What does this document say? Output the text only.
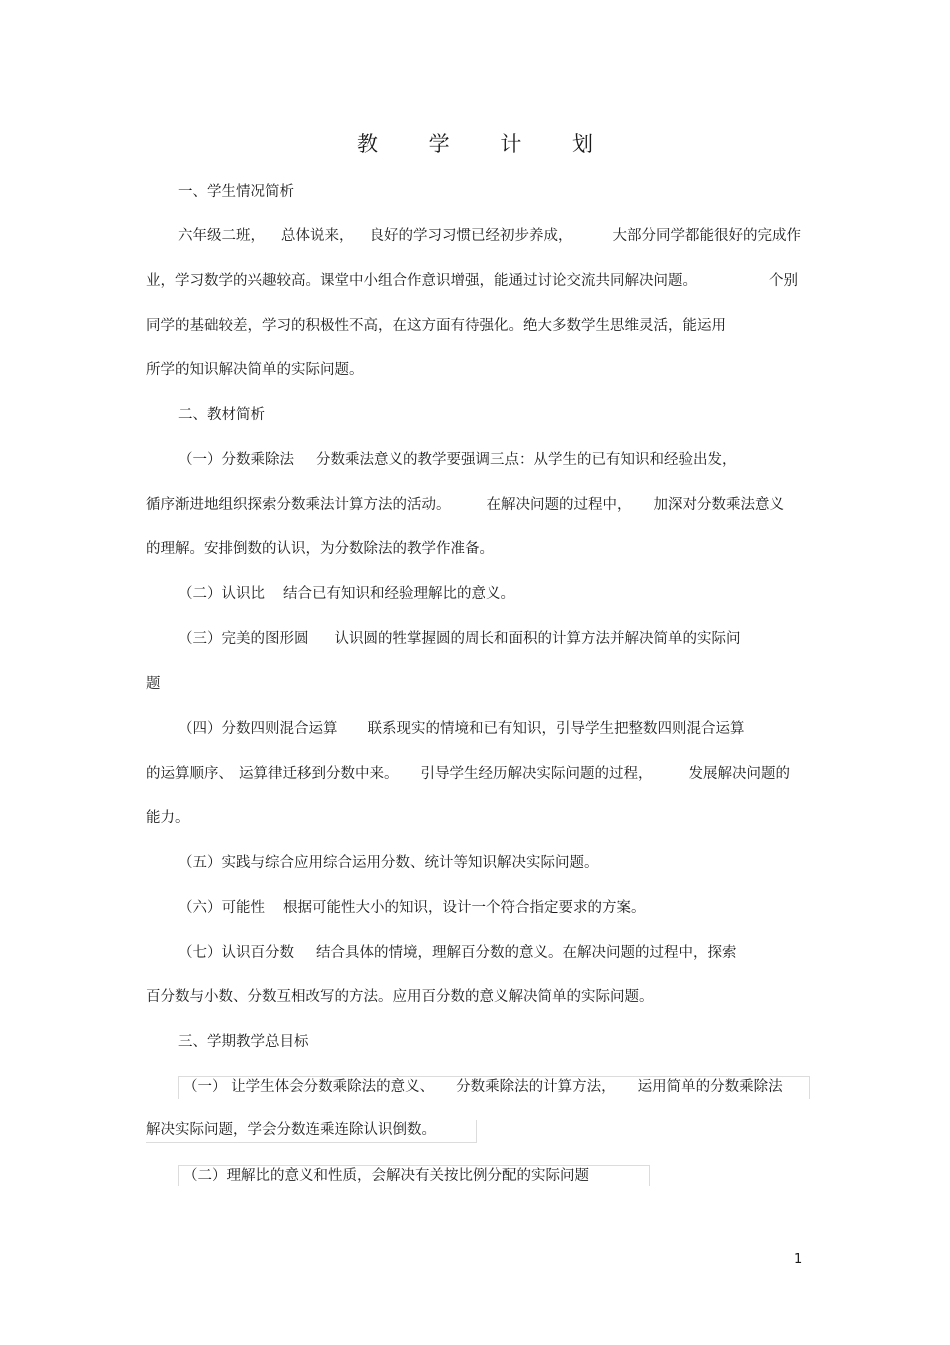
教 学 计 划
一、学生情况简析
六年级二班， 总体说来， 良好的学习习惯已经初步养成，	大部分同学都能很好的完成作
业，学习数学的兴趣较高。课堂中小组合作意识增强，能通过讨论交流共同解决问题。	个别
同学的基础较差，学习的积极性不高，在这方面有待强化。绝大多数学生思维灵活，能运用
所学的知识解决简单的实际问题。
二、教材简析
（一）分数乘除法 分数乘法意义的教学要强调三点：从学生的已有知识和经验出发，
循序渐进地组织探索分数乘法计算方法的活动。 在解决问题的过程中， 加深对分数乘法意义
的理解。安排倒数的认识，为分数除法的教学作准备。
（二）认识比 结合已有知识和经验理解比的意义。
（三）完美的图形圆 认识圆的牲掌握圆的周长和面积的计算方法并解决简单的实际问
题
（四）分数四则混合运算 联系现实的情境和已有知识，引导学生把整数四则混合运算
的运算顺序、 运算律迁移到分数中来。 引导学生经历解决实际问题的过程， 发展解决问题的
能力。
（五）实践与综合应用综合运用分数、统计等知识解决实际问题。
（六）可能性 根据可能性大小的知识，设计一个符合指定要求的方案。
（七）认识百分数 结合具体的情境，理解百分数的意义。在解决问题的过程中，探索
百分数与小数、分数互相改写的方法。应用百分数的意义解决简单的实际问题。
三、学期教学总目标
（一） 让学生体会分数乘除法的意义、 分数乘除法的计算方法， 运用简单的分数乘除法
解决实际问题，学会分数连乘连除认识倒数。
（二）理解比的意义和性质，会解决有关按比例分配的实际问题
1
